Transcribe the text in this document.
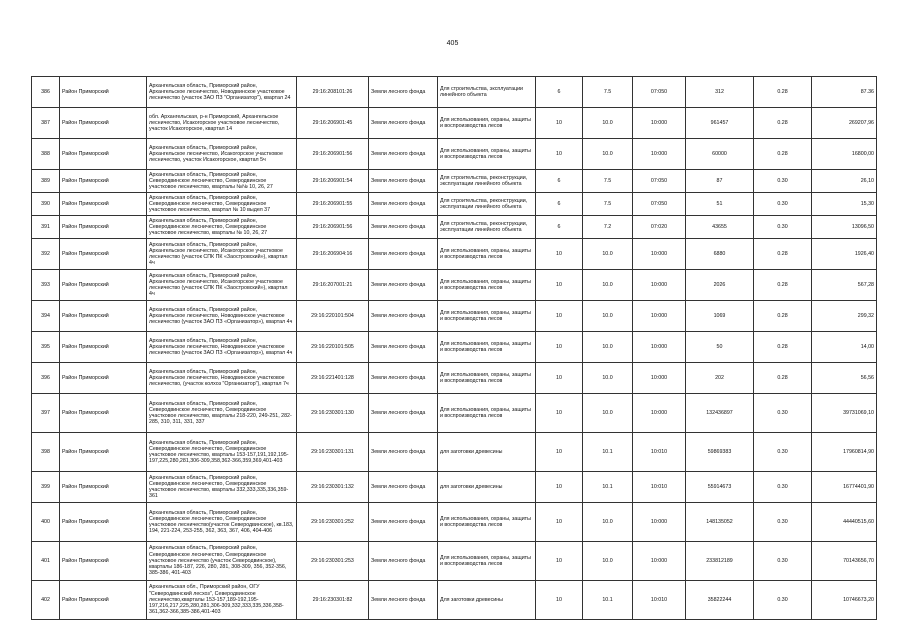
405
386	Район Приморский	Архангельская область, Приморский район, Архангельское лесничество, Новодвинское участковое лесничество (участок ЗАО ПЗ "Организатор"), квартал 24	29:16:208101:26	Земли лесного фонда	Для строительства, эксплуатации линейного объекта	6	7.5	07:050	312	0.28	87.36
387	Район Приморский	обл. Архангельская, р-н Приморский, Архангельское лесничество, Исакогорское участковое лесничество, участок Исакогорское, квартал 14	29:16:206901:45	Земли лесного фонда	Для использования, охраны, защиты и воспроизводства лесов	10	10.0	10:000	961457	0.28	269207,96
388	Район Приморский	Архангельская область, Приморский район, Архангельское лесничество, Исакогорское участковое лесничество, участок Исакогорское, квартал 5ч	29:16:206901:56	Земли лесного фонда	Для использования, охраны, защиты и воспроизводства лесов	10	10.0	10:000	60000	0.28	16800,00
389	Район Приморский	Архангельская область, Приморский район, Северодвинское лесничество, Северодвинское участковое лесничество, кварталы №№ 10, 26, 27	29:16:206901:54	Земли лесного фонда	Для строительства, реконструкции, эксплуатации линейного объекта	6	7.5	07:050	87	0.30	26,10
390	Район Приморский	Архангельская область, Приморский район, Северодвинское лесничество, Северодвинское участковое лесничество, квартал № 10 выдел 37	29:16:206901:55	Земли лесного фонда	Для строительства, реконструкции, эксплуатации линейного объекта	6	7.5	07:050	51	0.30	15,30
391	Район Приморский	Архангельская область, Приморский район, Северодвинское лесничество, Северодвинское участковое лесничество, кварталы № 10, 26, 27	29:16:206901:56	Земли лесного фонда	Для строительства, реконструкции, эксплуатации линейного объекта	6	7.2	07:020	43655	0.30	13096,50
392	Район Приморский	Архангельская область, Приморский район, Архангельское лесничество, Исакогорское участковое лесничество (участок СПК ПК «Заостровский»), квартал 4ч	29:16:206904:16	Земли лесного фонда	Для использования, охраны, защиты и воспроизводства лесов	10	10.0	10:000	6880	0.28	1926,40
393	Район Приморский	Архангельская область, Приморский район, Архангельское лесничество, Исакогорское участковое лесничество (участок СПК ПК «Заостровский»), квартал 4ч	29:16:207001:21	Земли лесного фонда	Для использования, охраны, защиты и воспроизводства лесов	10	10.0	10:000	2026	0.28	567,28
394	Район Приморский	Архангельская область, Приморский район, Архангельское лесничество, Новодвинское участковое лесничество (участок ЗАО ПЗ «Организатор»), квартал 4ч	29:16:220101:504	Земли лесного фонда	Для использования, охраны, защиты и воспроизводства лесов	10	10.0	10:000	1069	0.28	299,32
395	Район Приморский	Архангельская область, Приморский район, Архангельское лесничество, Новодвинское участковое лесничество (участок ЗАО ПЗ «Организатор»), квартал 4ч	29:16:220101:505	Земли лесного фонда	Для использования, охраны, защиты и воспроизводства лесов	10	10.0	10:000	50	0.28	14,00
396	Район Приморский	Архангельская область, Приморский район, Архангельское лесничество, Новодвинское участковое лесничество, (участок колхоз "Организатор"), квартал 7ч	29:16:221401:128	Земли лесного фонда	Для использования, охраны, защиты и воспроизводства лесов	10	10.0	10:000	202	0.28	56,56
397	Район Приморский	Архангельская область, Приморский район, Северодвинское лесничество, Северодвинское участковое лесничество, кварталы 218-220, 249-251, 282-285, 310, 311, 331, 337	29:16:230301:130	Земли лесного фонда	Для использования, охраны, защиты и воспроизводства лесов	10	10.0	10:000	132436897	0.30	39731069,10
398	Район Приморский	Архангельская область, Приморский район, Северодвинское лесничество, Северодвинское участковое лесничество, кварталы 153-157,191,192,195-197,225,280,281,306-309,358,362-366,359,369,401-403	29:16:230301:131	Земли лесного фонда	для заготовки древесины	10	10.1	10:010	59869383	0.30	17960814,90
399	Район Приморский	Архангельская область, Приморский район, Северодвинское лесничество, Северодвинское участковое лесничество, кварталы 332,333,335,336,359-361	29:16:230301:132	Земли лесного фонда	для заготовки древесины	10	10.1	10:010	55914673	0.30	16774401,90
400	Район Приморский	Архангельская область, Приморский район, Северодвинское лесничество, Северодвинское участковое лесничество(участок Северодвинское), кв.183, 194, 221-224, 253-255, 362, 363, 367, 406, 404-406	29:16:230301:252	Земли лесного фонда	Для использования, охраны, защиты и воспроизводства лесов	10	10.0	10:000	148135052	0.30	44440515,60
401	Район Приморский	Архангельская область, Приморский район, Северодвинское лесничество, Северодвинское участковое лесничество (участок Северодвинское), кварталы 186-187, 226, 280, 281, 308-309, 356, 352-356, 385-386, 401-403	29:16:230301:253	Земли лесного фонда	Для использования, охраны, защиты и воспроизводства лесов	10	10.0	10:000	233812189	0.30	70143656,70
402	Район Приморский	Архангельская обл., Приморский район, ОГУ "Северодвинский лесхоз", Северодвинское лесничество,кварталы 153-157,189-192,195-197,216,217,225,280,281,306-309,332,333,335,336,358-361,362-366,385-386,401-403	29:16:230301:82	Земли лесного фонда	Для заготовки древесины	10	10.1	10:010	35822244	0.30	10746673,20
